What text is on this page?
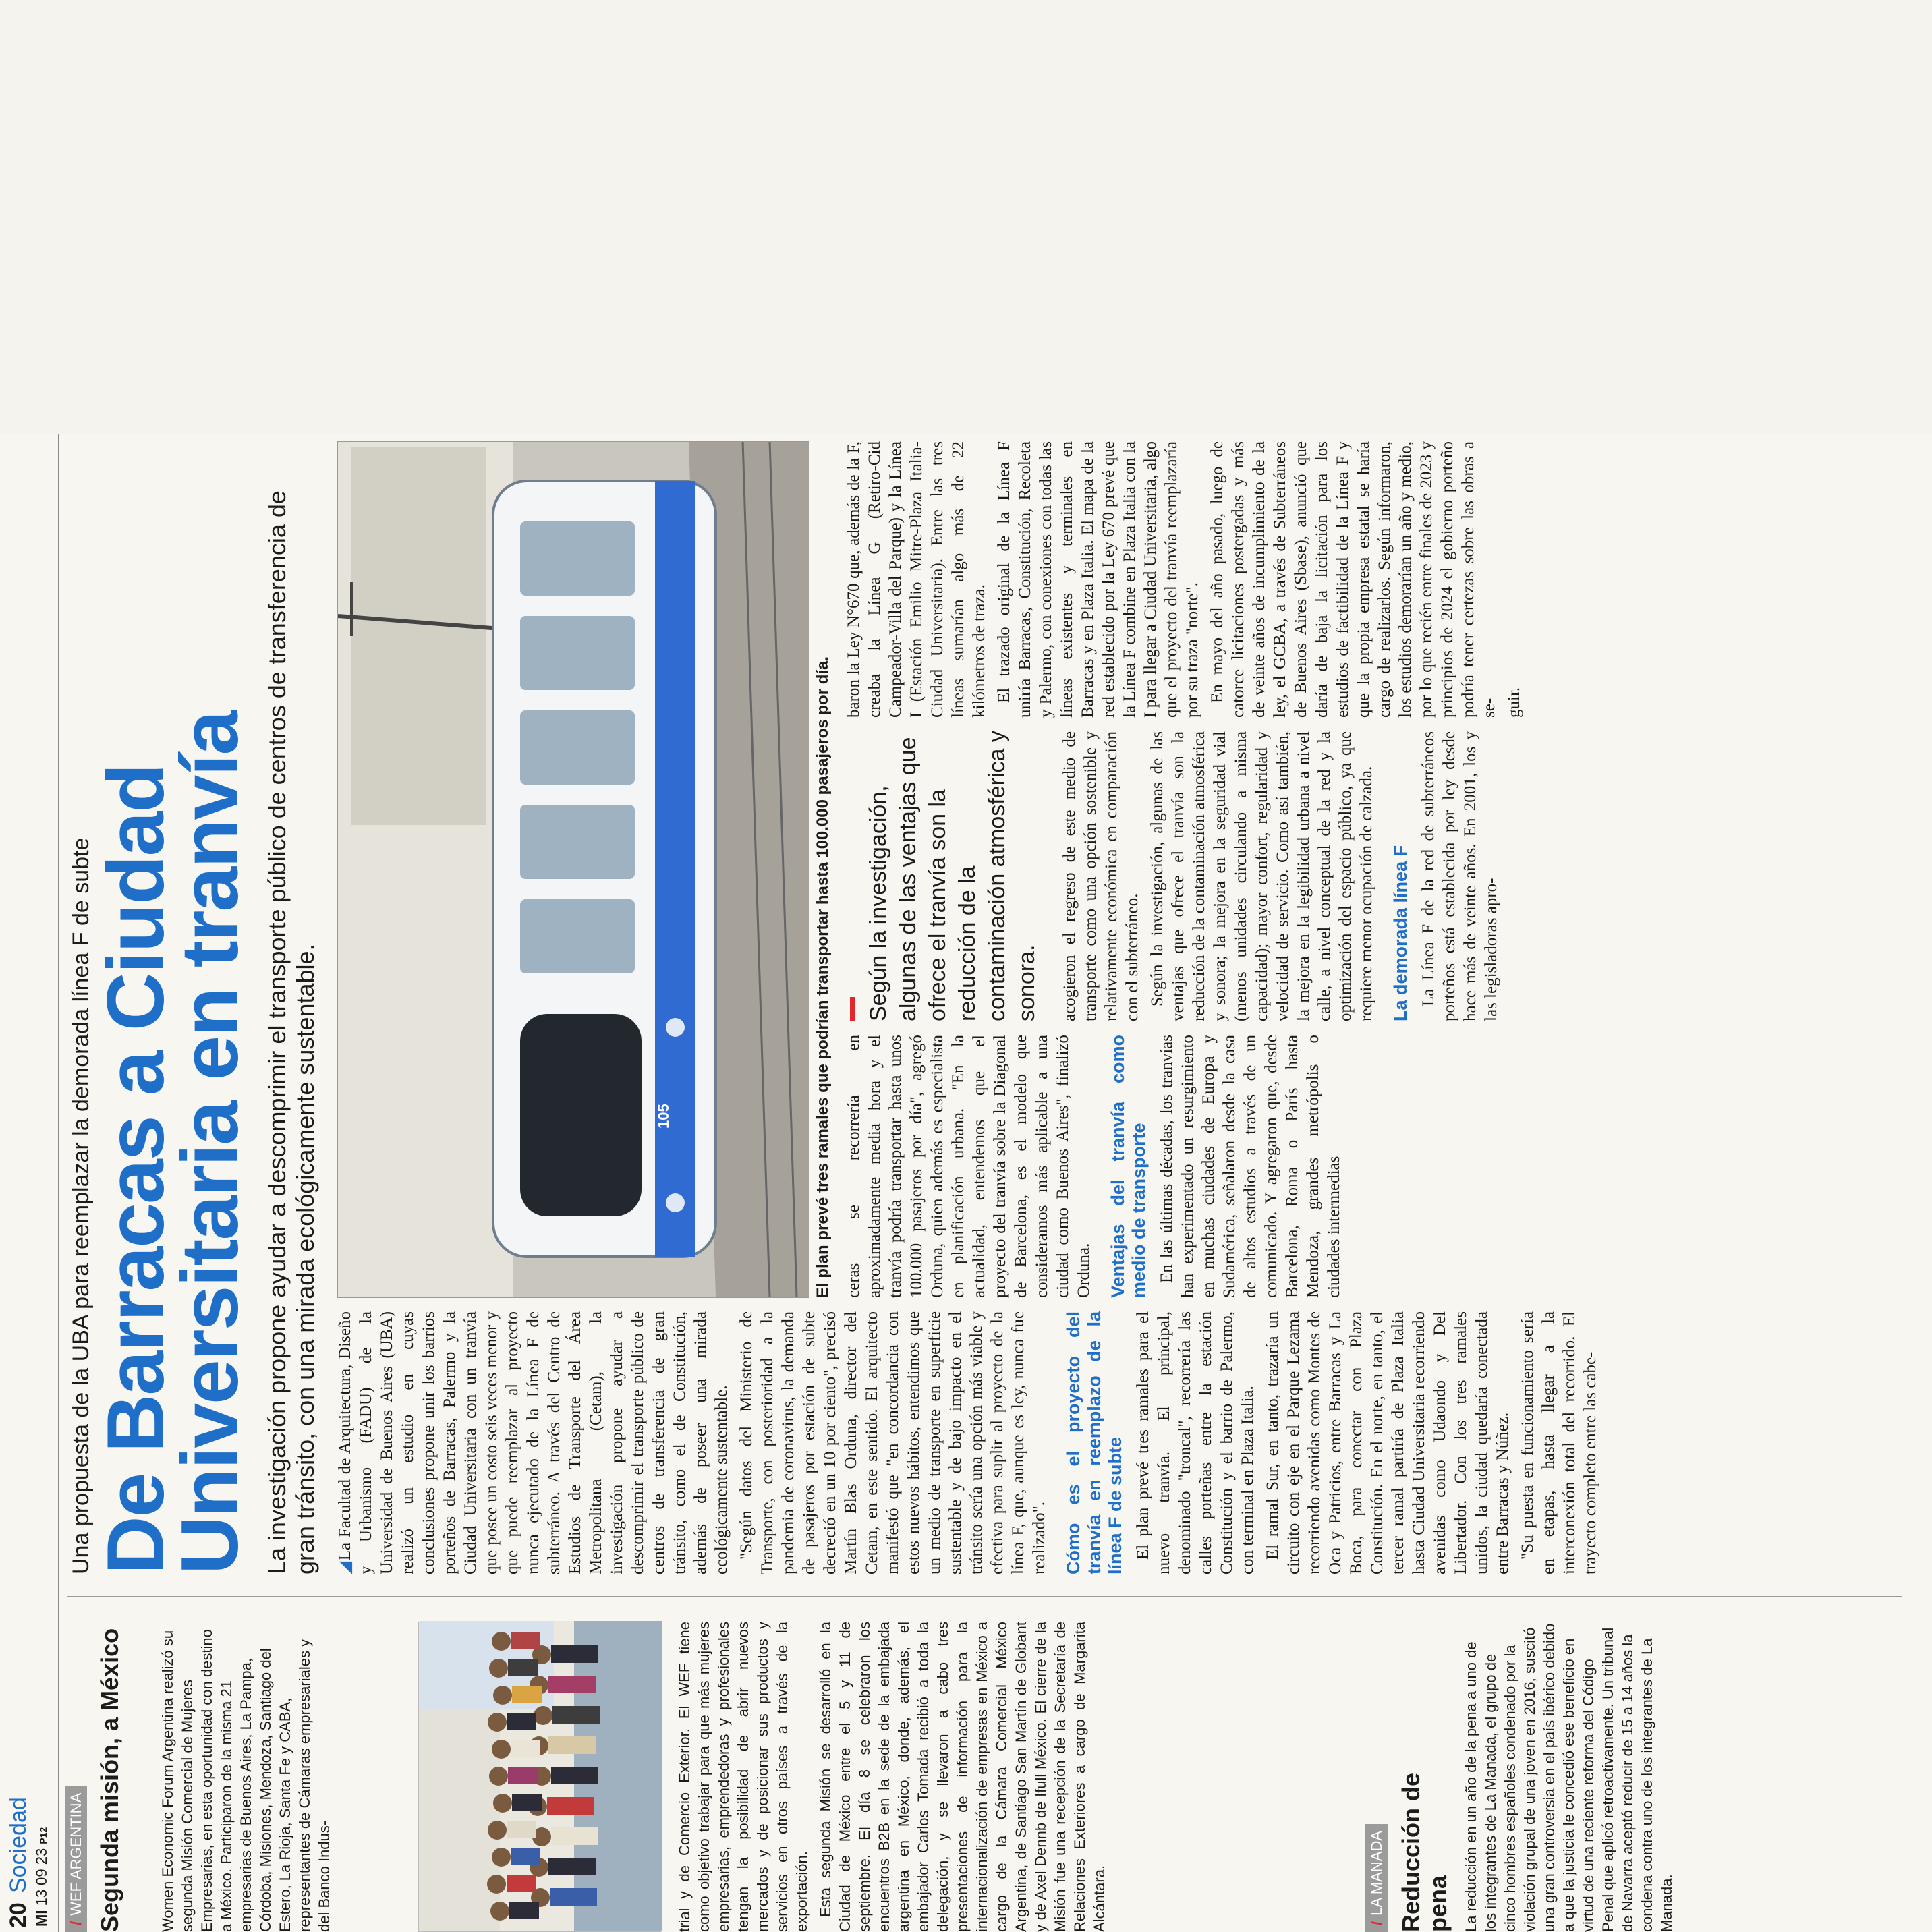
20
Sociedad
MI 13 09 23 P12
/WEF ARGENTINA Segunda misión, a México Women Economic Forum Argentina realizó su segunda Misión Comercial de Mujeres Empresarias, en esta oportunidad con destino a México. Participaron de la misma 21 empresarias de Buenos Aires, La Pampa, Córdoba, Misiones, Mendoza, Santiago del Estero, La Rioja, Santa Fe y CABA, representantes de Cámaras empresariales y del Banco Indus-	trial y de Comercio Exterior. El WEF tiene como objetivo trabajar para que más mujeres empresarias, emprendedoras y profesionales tengan la posibilidad de abrir nuevos mercados y de posicionar sus productos y servicios en otros países a través de la exportación. Esta segunda Misión se desarrolló en la Ciudad de México entre el 5 y 11 de septiembre. El día 8 se celebraron los encuentros B2B en la sede de la embajada argentina en México, donde, además, el embajador Carlos Tomada recibió a toda la delegación, y se llevaron a cabo tres presentaciones de información para la internacionalización de empresas en México a cargo de la Cámara Comercial México Argentina, de Santiago San Martín de Globant y de Axel Dennb de Ifull México. El cierre de la Misión fue una recepción de la Secretaría de Relaciones Exteriores a cargo de Margarita Alcántara.	/LA MANADA Reducción de pena La reducción en un año de la pena a uno de los integrantes de La Manada, el grupo de cinco hombres españoles condenado por la violación grupal de una joven en 2016, suscitó una gran controversia en el país ibérico debido a que la justicia le concedió ese beneficio en virtud de una reciente reforma del Código Penal que aplicó retroactivamente. Un tribunal de Navarra aceptó reducir de 15 a 14 años la condena contra uno de los integrantes de La Manada.
Una propuesta de la UBA para reemplazar la demorada línea F de subte
De Barracas a Ciudad Universitaria en tranvía La investigación propone ayudar a descomprimir el transporte público de centros de transferencia de gran tránsito, con una mirada ecológicamente sustentable. ◢La Facultad de Arquitectura, Diseño y Urbanismo (FADU) de la Universidad de Buenos Aires (UBA) realizó un estudio en cuyas conclusiones propone unir los barrios porteños de Barracas, Palermo y la Ciudad Universitaria con un tranvía que posee un costo seis veces menor y que puede reemplazar al proyecto nunca ejecutado de la Línea F de subterráneo. A través del Centro de Estudios de Transporte del Área Metropolitana (Cetam), la investigación propone ayudar a descomprimir el transporte público de centros de transferencia de gran tránsito, como el de Constitución, además de poseer una mirada ecológicamente sustentable. "Según datos del Ministerio de Transporte, con posterioridad a la pandemia de coronavirus, la demanda de pasajeros por estación de subte decreció en un 10 por ciento", precisó Martín Blas Orduna, director del Cetam, en este sentido. El arquitecto manifestó que "en concordancia con estos nuevos hábitos, entendimos que un medio de transporte en superficie sustentable y de bajo impacto en el tránsito sería una opción más viable y efectiva para suplir al proyecto de la línea F, que, aunque es ley, nunca fue realizado". Cómo es el proyecto del tranvía en reemplazo de la línea F de subte El plan prevé tres ramales para el nuevo tranvía. El principal, denominado "troncal", recorrería las calles porteñas entre la estación Constitución y el barrio de Palermo, con terminal en Plaza Italia. El ramal Sur, en tanto, trazaría un circuito con eje en el Parque Lezama recorriendo avenidas como Montes de Oca y Patricios, entre Barracas y La Boca, para conectar con Plaza Constitución. En el norte, en tanto, el tercer ramal partiría de Plaza Italia hasta Ciudad Universitaria recorriendo avenidas como Udaondo y Del Libertador. Con los tres ramales unidos, la ciudad quedaría conectada entre Barracas y Núñez. "Su puesta en funcionamiento sería en etapas, hasta llegar a la interconexión total del recorrido. El trayecto completo entre las cabe-

105	El plan prevé tres ramales que podrían transportar hasta 100.000 pasajeros por día. ceras se recorrería en aproximadamente media hora y el tranvía podría transportar hasta unos 100.000 pasajeros por día", agregó Orduna, quien además es especialista en planificación urbana. "En la actualidad, entendemos que el proyecto del tranvía sobre la Diagonal de Barcelona, es el modelo que consideramos más aplicable a una ciudad como Buenos Aires", finalizó Orduna. Ventajas del tranvía como medio de transporte En las últimas décadas, los tranvías han experimentado un resurgimiento en muchas ciudades de Europa y Sudamérica, señalaron desde la casa de altos estudios a través de un comunicado. Y agregaron que, desde Barcelona, Roma o París hasta Mendoza, grandes metrópolis o ciudades intermedias

Según la investigación, algunas de las ventajas que ofrece el tranvía son la reducción de la contaminación atmosférica y sonora. acogieron el regreso de este medio de transporte como una opción sostenible y relativamente económica en comparación con el subterráneo. Según la investigación, algunas de las ventajas que ofrece el tranvía son la reducción de la contaminación atmosférica y sonora; la mejora en la seguridad vial (menos unidades circulando a misma capacidad); mayor confort, regularidad y velocidad de servicio. Como así también, la mejora en la legibilidad urbana a nivel calle, a nivel conceptual de la red y la optimización del espacio público, ya que requiere menor ocupación de calzada. La demorada línea F La Línea F de la red de subterráneos porteños está establecida por ley desde hace más de veinte años. En 2001, los y las legisladoras apro-

baron la Ley N°670 que, además de la F, creaba la Línea G (Retiro-Cid Campeador-Villa del Parque) y la Línea I (Estación Emilio Mitre-Plaza Italia-Ciudad Universitaria). Entre las tres líneas sumarían algo más de 22 kilómetros de traza. El trazado original de la Línea F uniría Barracas, Constitución, Recoleta y Palermo, con conexiones con todas las líneas existentes y terminales en Barracas y en Plaza Italia. El mapa de la red establecido por la Ley 670 prevé que la Línea F combine en Plaza Italia con la I para llegar a Ciudad Universitaria, algo que el proyecto del tranvía reemplazaría por su traza "norte". En mayo del año pasado, luego de catorce licitaciones postergadas y más de veinte años de incumplimiento de la ley, el GCBA, a través de Subterráneos de Buenos Aires (Sbase), anunció que daría de baja la licitación para los estudios de factibilidad de la Línea F y que la propia empresa estatal se haría cargo de realizarlos. Según informaron, los estudios demorarían un año y medio, por lo que recién entre finales de 2023 y principios de 2024 el gobierno porteño podría tener certezas sobre las obras a se- guir.
